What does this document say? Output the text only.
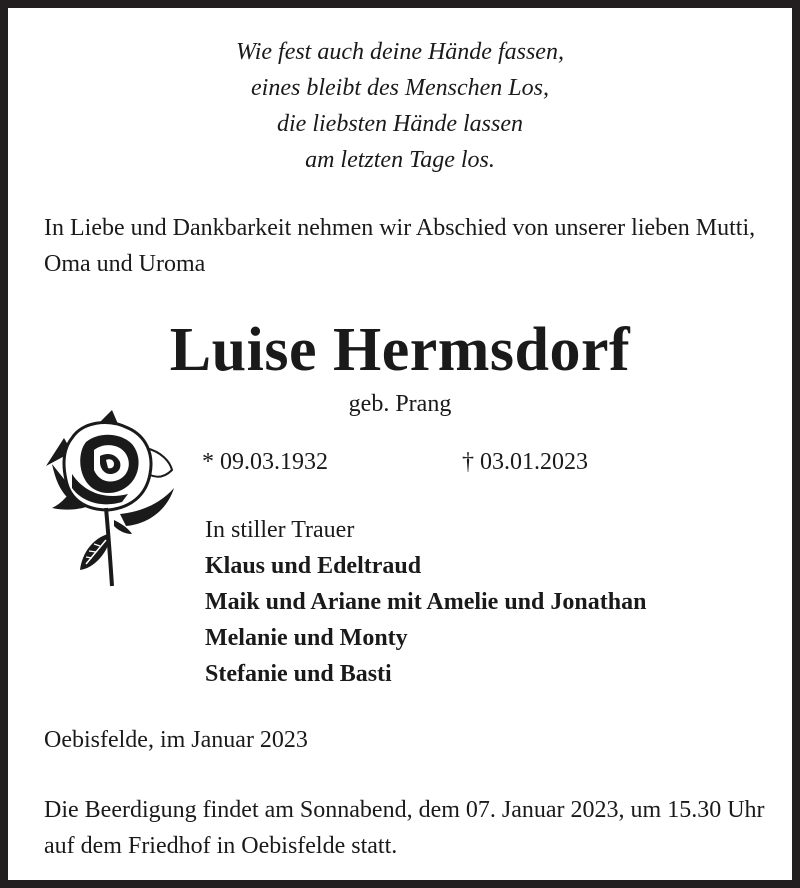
Wie fest auch deine Hände fassen,
eines bleibt des Menschen Los,
die liebsten Hände lassen
am letzten Tage los.
In Liebe und Dankbarkeit nehmen wir Abschied von unserer lieben Mutti, Oma und Uroma
Luise Hermsdorf
geb. Prang
* 09.03.1932	† 03.01.2023
In stiller Trauer
Klaus und Edeltraud
Maik und Ariane mit Amelie und Jonathan
Melanie und Monty
Stefanie und Basti
Oebisfelde, im Januar 2023
Die Beerdigung findet am Sonnabend, dem 07. Januar 2023, um 15.30 Uhr auf dem Friedhof in Oebisfelde statt.
